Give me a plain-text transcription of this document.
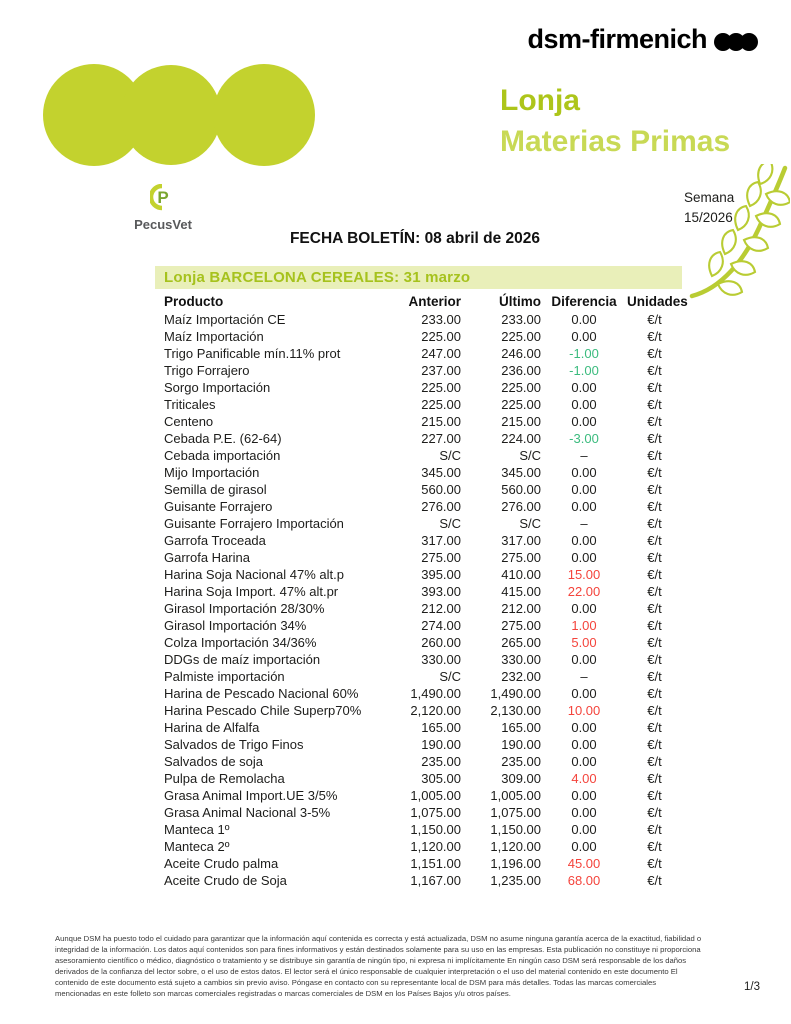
dsm-firmenich
Lonja
Materias Primas
P
PecusVet
FECHA BOLETÍN: 08 abril de 2026
Semana
15/2026
Lonja BARCELONA CEREALES: 31 marzo
Producto	Anterior	Último	Diferencia	Unidades
Maíz Importación CE	233.00	233.00	0.00	€/t
Maíz Importación	225.00	225.00	0.00	€/t
Trigo Panificable mín.11% prot	247.00	246.00	-1.00	€/t
Trigo Forrajero	237.00	236.00	-1.00	€/t
Sorgo Importación	225.00	225.00	0.00	€/t
Triticales	225.00	225.00	0.00	€/t
Centeno	215.00	215.00	0.00	€/t
Cebada P.E. (62-64)	227.00	224.00	-3.00	€/t
Cebada importación	S/C	S/C	–	€/t
Mijo Importación	345.00	345.00	0.00	€/t
Semilla de girasol	560.00	560.00	0.00	€/t
Guisante Forrajero	276.00	276.00	0.00	€/t
Guisante Forrajero Importación	S/C	S/C	–	€/t
Garrofa Troceada	317.00	317.00	0.00	€/t
Garrofa Harina	275.00	275.00	0.00	€/t
Harina Soja Nacional 47% alt.p	395.00	410.00	15.00	€/t
Harina Soja Import. 47% alt.pr	393.00	415.00	22.00	€/t
Girasol Importación 28/30%	212.00	212.00	0.00	€/t
Girasol Importación 34%	274.00	275.00	1.00	€/t
Colza Importación 34/36%	260.00	265.00	5.00	€/t
DDGs de maíz importación	330.00	330.00	0.00	€/t
Palmiste importación	S/C	232.00	–	€/t
Harina de Pescado Nacional 60%	1,490.00	1,490.00	0.00	€/t
Harina Pescado Chile Superp70%	2,120.00	2,130.00	10.00	€/t
Harina de Alfalfa	165.00	165.00	0.00	€/t
Salvados de Trigo Finos	190.00	190.00	0.00	€/t
Salvados de soja	235.00	235.00	0.00	€/t
Pulpa de Remolacha	305.00	309.00	4.00	€/t
Grasa Animal Import.UE 3/5%	1,005.00	1,005.00	0.00	€/t
Grasa Animal Nacional 3-5%	1,075.00	1,075.00	0.00	€/t
Manteca 1º	1,150.00	1,150.00	0.00	€/t
Manteca 2º	1,120.00	1,120.00	0.00	€/t
Aceite Crudo palma	1,151.00	1,196.00	45.00	€/t
Aceite Crudo de Soja	1,167.00	1,235.00	68.00	€/t
Aunque DSM ha puesto todo el cuidado para garantizar que la información aquí contenida es correcta y está actualizada, DSM no asume ninguna garantía acerca de la exactitud, fiabilidad o integridad de la información. Los datos aquí contenidos son para fines informativos y están destinados solamente para su uso en las empresas. Esta publicación no constituye ni proporciona asesoramiento científico o médico, diagnóstico o tratamiento y se distribuye sin garantía de ningún tipo, ni expresa ni implícitamente En ningún caso DSM será responsable de los daños derivados de la confianza del lector sobre, o el uso de estos datos. El lector será el único responsable de cualquier interpretación o el uso del material contenido en este documento El contenido de este documento está sujeto a cambios sin previo aviso. Póngase en contacto con su representante local de DSM para más detalles. Todas las marcas comerciales mencionadas en este folleto son marcas comerciales registradas o marcas comerciales de DSM en los Países Bajos y/u otros países.
1/3
